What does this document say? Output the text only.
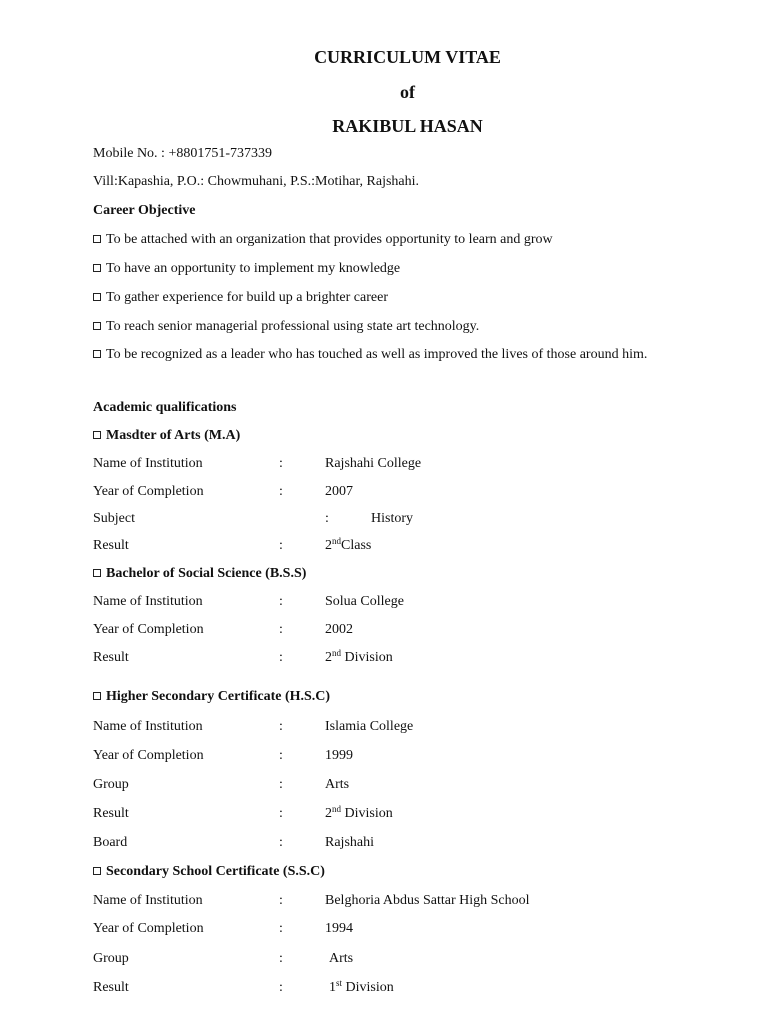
CURRICULUM VITAE
of
RAKIBUL HASAN
Mobile No. : +8801751-737339
Vill:Kapashia, P.O.: Chowmuhani, P.S.:Motihar, Rajshahi.
Career Objective
To be attached with an organization that provides opportunity to learn and grow
To have an opportunity to implement my knowledge
To gather experience for build up a brighter career
To reach senior managerial professional using state art technology.
To be recognized as a leader who has touched as well as improved the lives of those around him.
Academic qualifications
Masdter of Arts (M.A)
Name of Institution	:	Rajshahi College
Year of Completion	:	2007
Subject	:	History
Result	:	2ndClass
Bachelor of Social Science (B.S.S)
Name of Institution	:	Solua College
Year of Completion	:	2002
Result	:	2nd Division
Higher Secondary Certificate (H.S.C)
Name of Institution	:	Islamia College
Year of Completion	:	1999
Group	:	Arts
Result	:	2nd Division
Board	:	Rajshahi
Secondary School Certificate (S.S.C)
Name of Institution	:	Belghoria Abdus Sattar High School
Year of Completion	:	1994
Group	:	Arts
Result	:	1st Division
